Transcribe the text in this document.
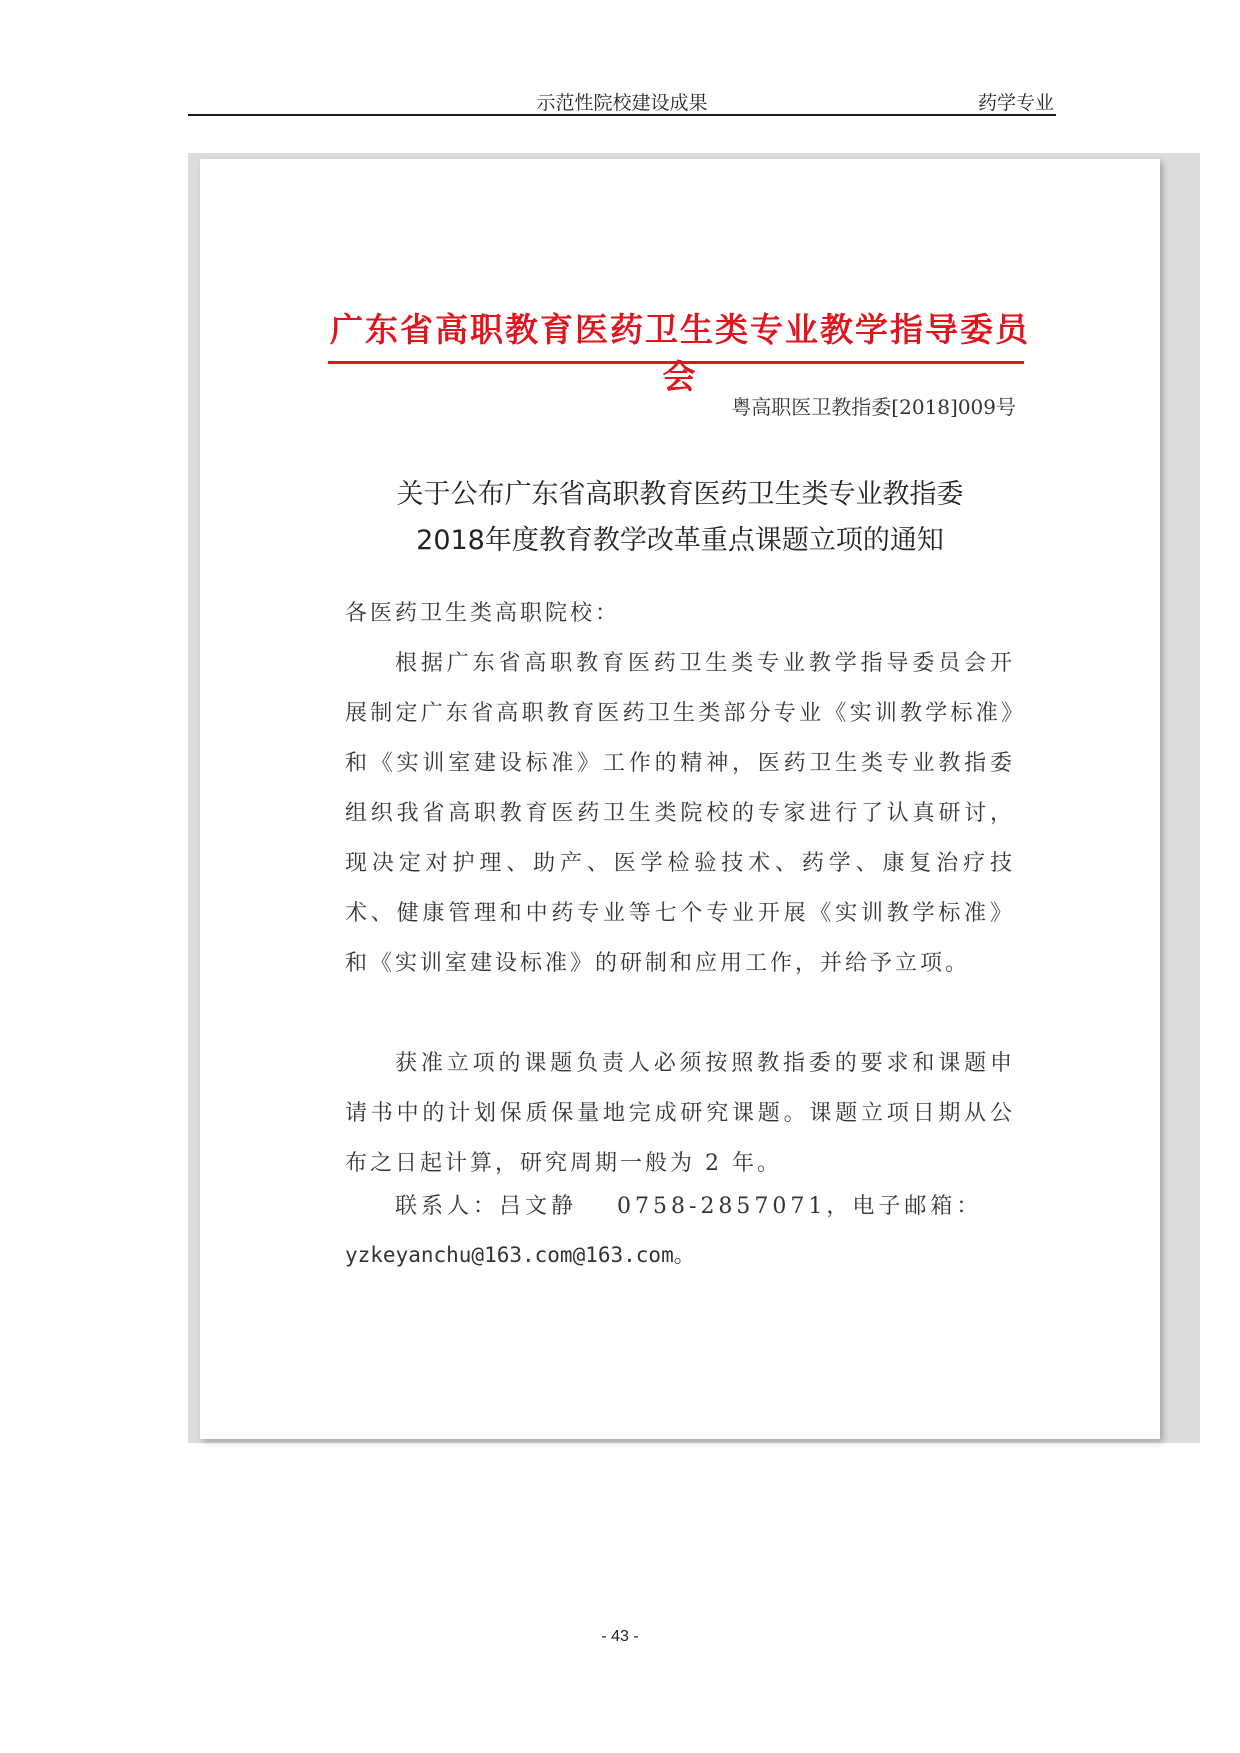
示范性院校建设成果	药学专业
广东省高职教育医药卫生类专业教学指导委员会
粤高职医卫教指委[2018]009号
关于公布广东省高职教育医药卫生类专业教指委
2018年度教育教学改革重点课题立项的通知
各医药卫生类高职院校：
根据广东省高职教育医药卫生类专业教学指导委员会开展制定广东省高职教育医药卫生类部分专业《实训教学标准》和《实训室建设标准》工作的精神，医药卫生类专业教指委组织我省高职教育医药卫生类院校的专家进行了认真研讨，现决定对护理、助产、医学检验技术、药学、康复治疗技术、健康管理和中药专业等七个专业开展《实训教学标准》和《实训室建设标准》的研制和应用工作，并给予立项。
获准立项的课题负责人必须按照教指委的要求和课题申请书中的计划保质保量地完成研究课题。课题立项日期从公布之日起计算，研究周期一般为 2 年。
联系人：吕文静 0758-2857071，电子邮箱：
yzkeyanchu@163.com@163.com。
- 43 -
